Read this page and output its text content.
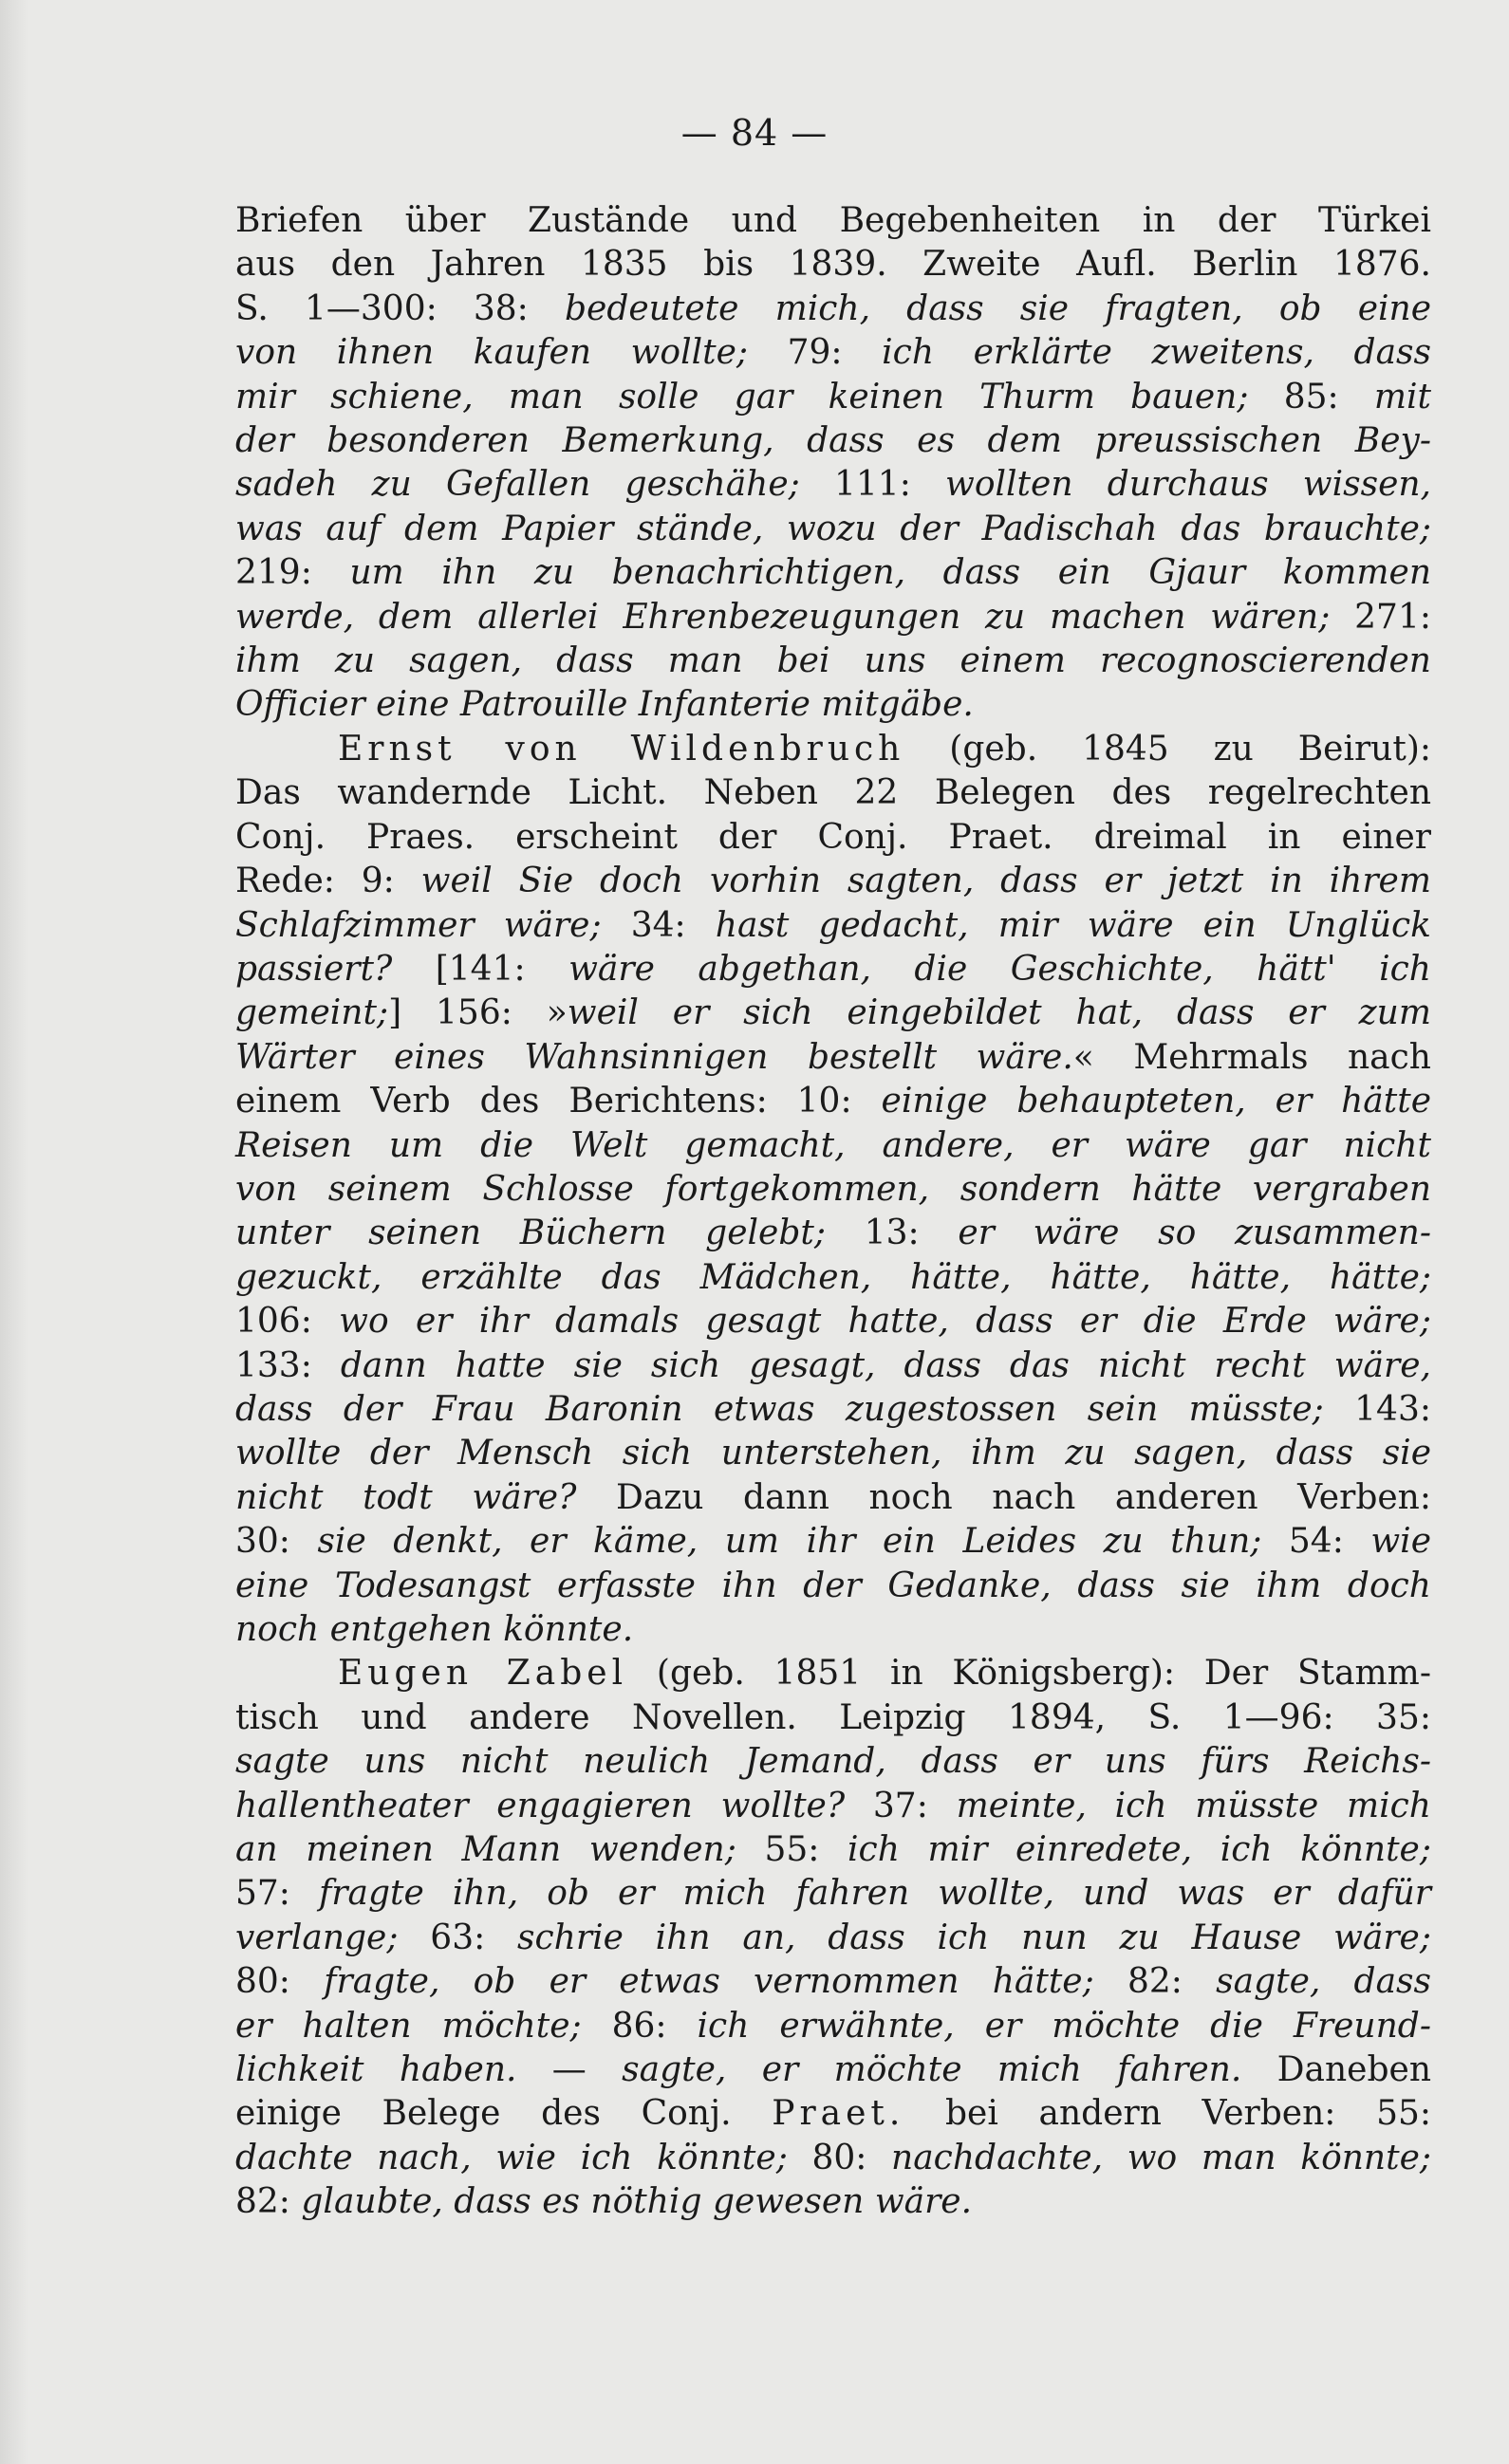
— 84 —
Briefen über Zustände und Begebenheiten in der Türkei
aus den Jahren 1835 bis 1839. Zweite Aufl. Berlin 1876.
S. 1—300: 38: bedeutete mich, dass sie fragten, ob eine
von ihnen kaufen wollte; 79: ich erklärte zweitens, dass
mir schiene, man solle gar keinen Thurm bauen; 85: mit
der besonderen Bemerkung, dass es dem preussischen Bey-
sadeh zu Gefallen geschähe; 111: wollten durchaus wissen,
was auf dem Papier stände, wozu der Padischah das brauchte;
219: um ihn zu benachrichtigen, dass ein Gjaur kommen
werde, dem allerlei Ehrenbezeugungen zu machen wären; 271:
ihm zu sagen, dass man bei uns einem recognoscierenden
Officier eine Patrouille Infanterie mitgäbe.
Ernst von Wildenbruch (geb. 1845 zu Beirut):
Das wandernde Licht. Neben 22 Belegen des regelrechten
Conj. Praes. erscheint der Conj. Praet. dreimal in einer
Rede: 9: weil Sie doch vorhin sagten, dass er jetzt in ihrem
Schlafzimmer wäre; 34: hast gedacht, mir wäre ein Unglück
passiert? [141: wäre abgethan, die Geschichte, hätt' ich
gemeint;] 156: »weil er sich eingebildet hat, dass er zum
Wärter eines Wahnsinnigen bestellt wäre.« Mehrmals nach
einem Verb des Berichtens: 10: einige behaupteten, er hätte
Reisen um die Welt gemacht, andere, er wäre gar nicht
von seinem Schlosse fortgekommen, sondern hätte vergraben
unter seinen Büchern gelebt; 13: er wäre so zusammen-
gezuckt, erzählte das Mädchen, hätte, hätte, hätte, hätte;
106: wo er ihr damals gesagt hatte, dass er die Erde wäre;
133: dann hatte sie sich gesagt, dass das nicht recht wäre,
dass der Frau Baronin etwas zugestossen sein müsste; 143:
wollte der Mensch sich unterstehen, ihm zu sagen, dass sie
nicht todt wäre? Dazu dann noch nach anderen Verben:
30: sie denkt, er käme, um ihr ein Leides zu thun; 54: wie
eine Todesangst erfasste ihn der Gedanke, dass sie ihm doch
noch entgehen könnte.
Eugen Zabel (geb. 1851 in Königsberg): Der Stamm-
tisch und andere Novellen. Leipzig 1894, S. 1—96: 35:
sagte uns nicht neulich Jemand, dass er uns fürs Reichs-
hallentheater engagieren wollte? 37: meinte, ich müsste mich
an meinen Mann wenden; 55: ich mir einredete, ich könnte;
57: fragte ihn, ob er mich fahren wollte, und was er dafür
verlange; 63: schrie ihn an, dass ich nun zu Hause wäre;
80: fragte, ob er etwas vernommen hätte; 82: sagte, dass
er halten möchte; 86: ich erwähnte, er möchte die Freund-
lichkeit haben. — sagte, er möchte mich fahren. Daneben
einige Belege des Conj. Praet. bei andern Verben: 55:
dachte nach, wie ich könnte; 80: nachdachte, wo man könnte;
82: glaubte, dass es nöthig gewesen wäre.
